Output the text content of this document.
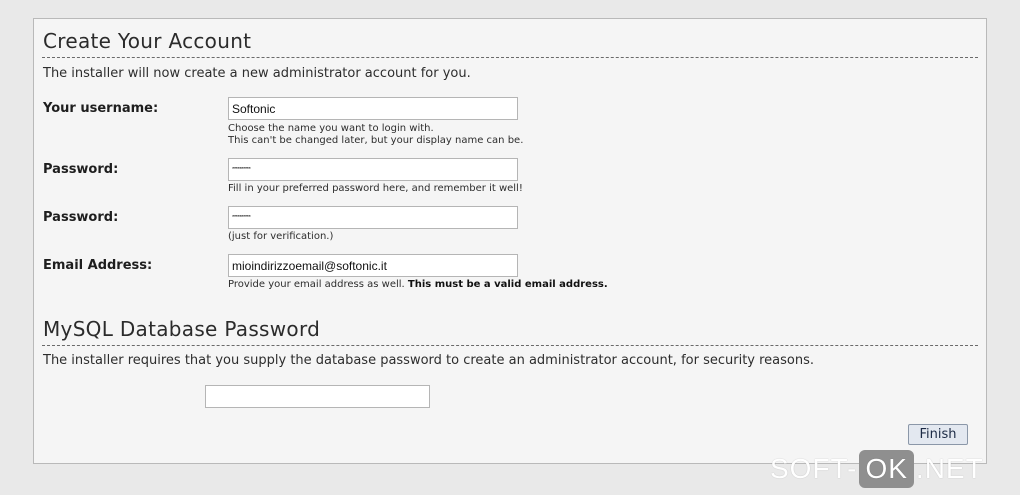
Create Your Account
The installer will now create a new administrator account for you.
Your username:
Softonic
Choose the name you want to login with.
This can't be changed later, but your display name can be.
Password:
**********
Fill in your preferred password here, and remember it well!
Password:
**********
(just for verification.)
Email Address:
mioindirizzoemail@softonic.it
Provide your email address as well. This must be a valid email address.
MySQL Database Password
The installer requires that you supply the database password to create an administrator account, for security reasons.
Finish
SOFT- OK .NET
